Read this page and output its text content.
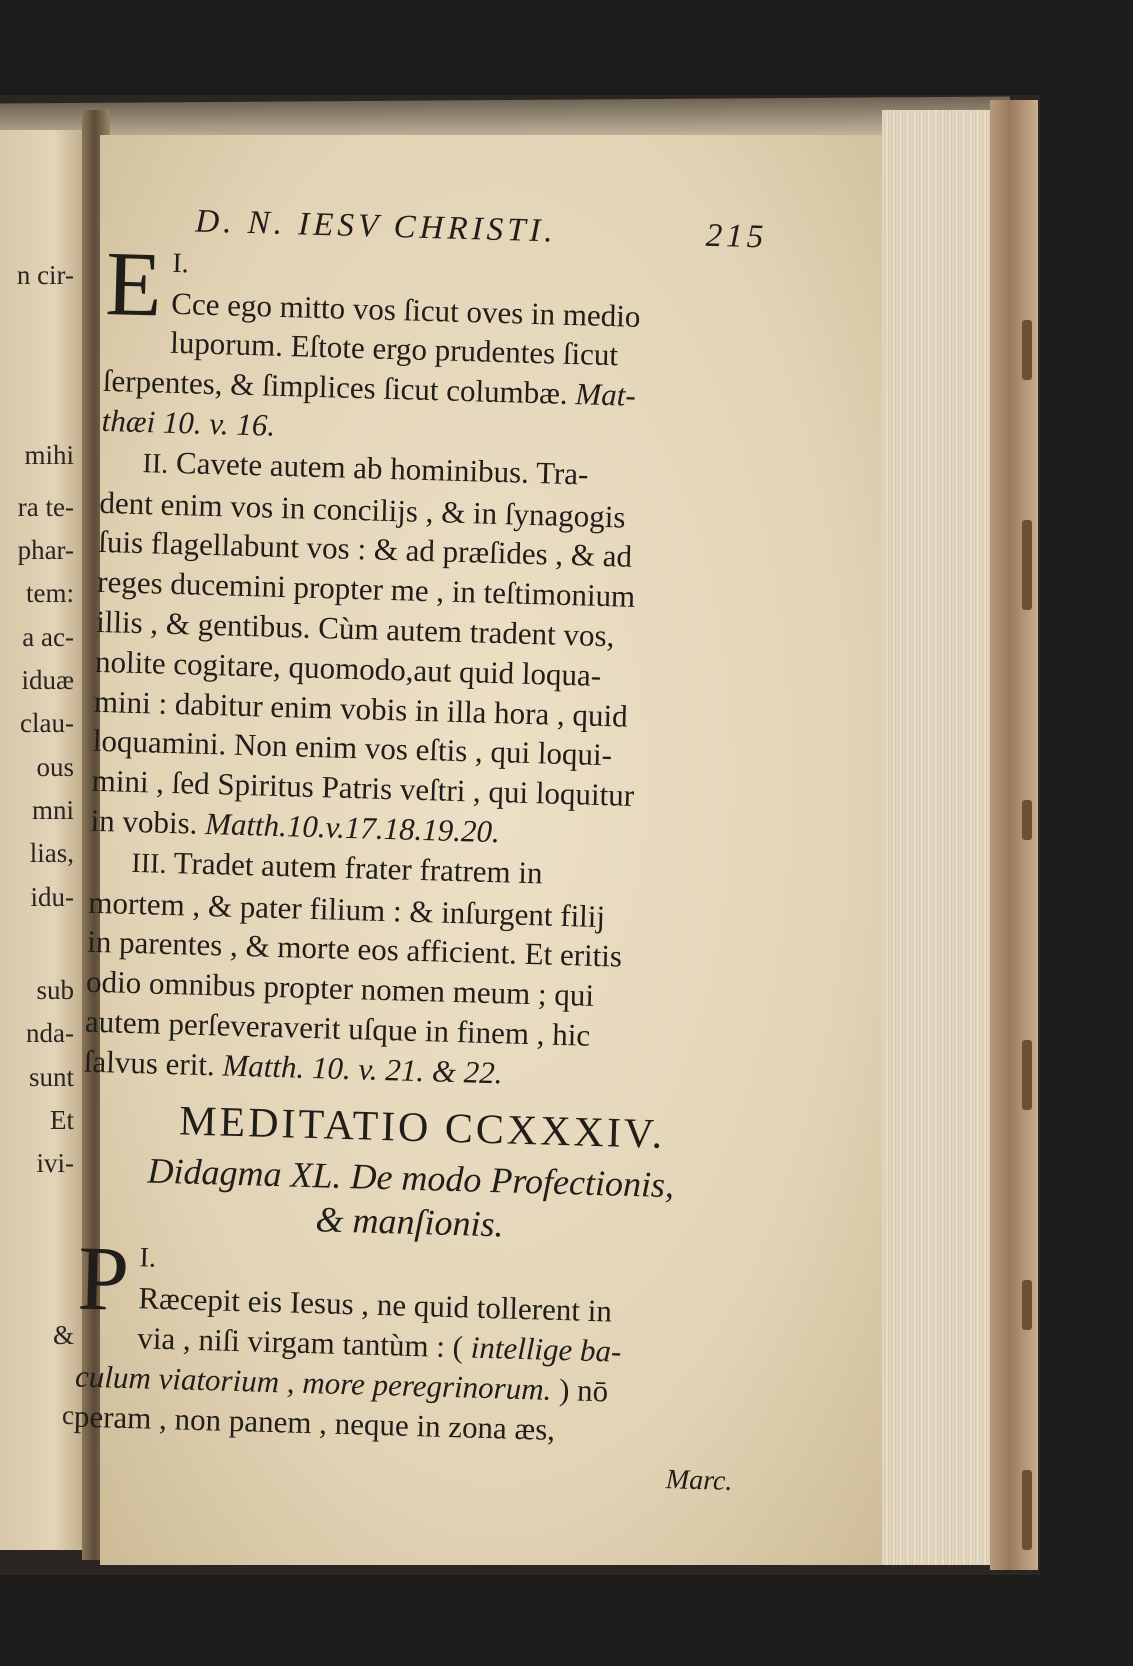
n cir-
mihi
ra te-
phar-
tem:
a ac-
iduæ
clau-
ous
mni
lias,
idu-
sub
nda-
sunt
Et
ivi-
&
c
D. N. IESV CHRISTI.	215
I.
E Cce ego mitto vos ſicut oves in medio
luporum. Eſtote ergo prudentes ſicut
ſerpentes, & ſimplices ſicut columbæ. Mat-
thæi 10. v. 16.
II. Cavete autem ab hominibus. Tra-
dent enim vos in concilijs , & in ſynagogis
ſuis flagellabunt vos : & ad præſides , & ad
reges ducemini propter me , in teſtimonium
illis , & gentibus. Cùm autem tradent vos,
nolite cogitare, quomodo,aut quid loqua-
mini : dabitur enim vobis in illa hora , quid
loquamini. Non enim vos eſtis , qui loqui-
mini , ſed Spiritus Patris veſtri , qui loquitur
in vobis. Matth.10.v.17.18.19.20.
III. Tradet autem frater fratrem in
mortem , & pater filium : & inſurgent filij
in parentes , & morte eos afficient. Et eritis
odio omnibus propter nomen meum ; qui
autem perſeveraverit uſque in finem , hic
ſalvus erit. Matth. 10. v. 21. & 22.
MEDITATIO CCXXXIV.
Didagma XL. De modo Profectionis,
& manſionis.
I.
P Ræcepit eis Iesus , ne quid tollerent in
via , niſi virgam tantùm : ( intellige ba-
culum viatorium , more peregrinorum. ) nō
peram , non panem , neque in zona æs,
Marc.
